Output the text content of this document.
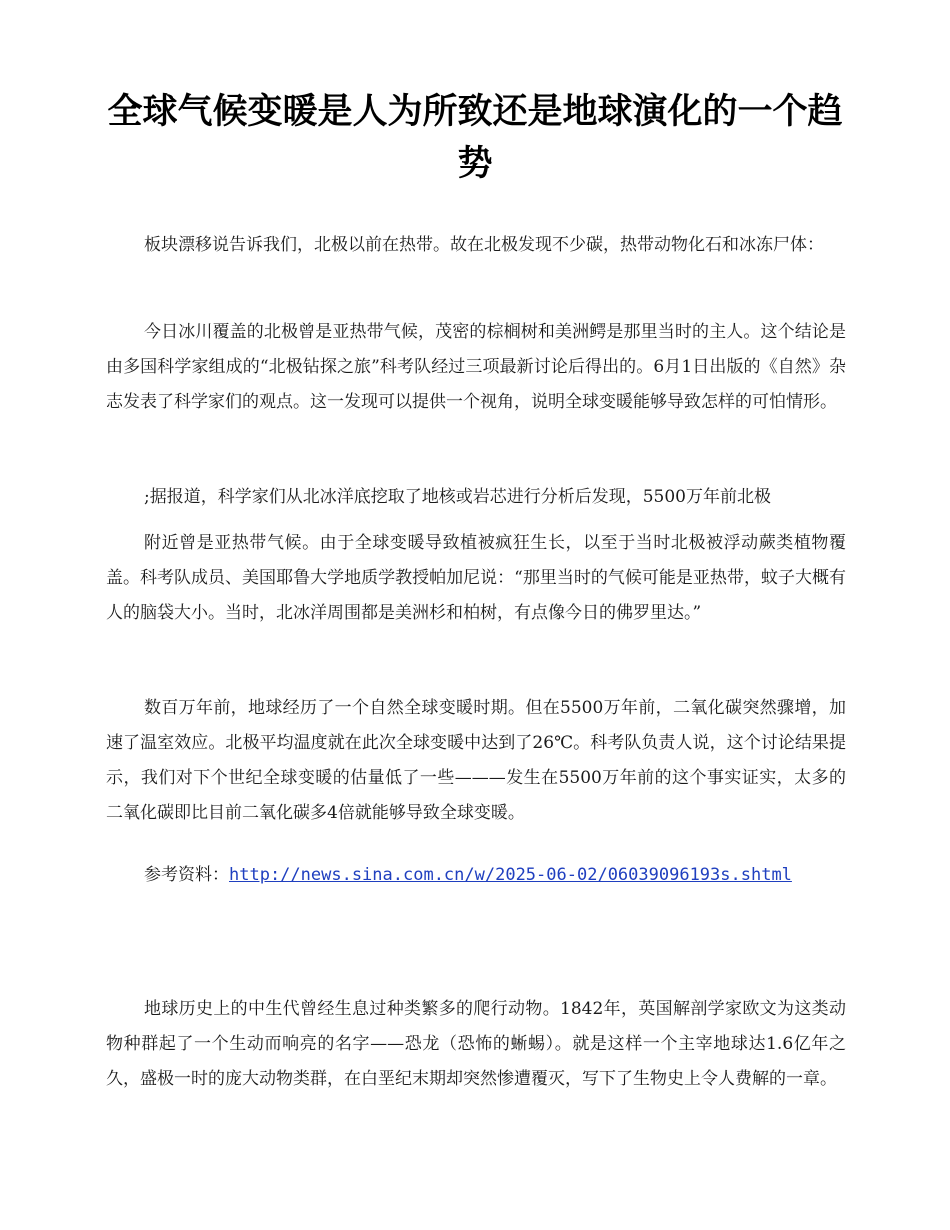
全球气候变暖是人为所致还是地球演化的一个趋势

板块漂移说告诉我们，北极以前在热带。故在北极发现不少碳，热带动物化石和冰冻尸体：

今日冰川覆盖的北极曾是亚热带气候，茂密的棕榈树和美洲鳄是那里当时的主人。这个结论是由多国科学家组成的“北极钻探之旅”科考队经过三项最新讨论后得出的。6月1日出版的《自然》杂志发表了科学家们的观点。这一发现可以提供一个视角，说明全球变暖能够导致怎样的可怕情形。

;据报道，科学家们从北冰洋底挖取了地核或岩芯进行分析后发现，5500万年前北极

附近曾是亚热带气候。由于全球变暖导致植被疯狂生长，以至于当时北极被浮动蕨类植物覆盖。科考队成员、美国耶鲁大学地质学教授帕加尼说：“那里当时的气候可能是亚热带，蚊子大概有人的脑袋大小。当时，北冰洋周围都是美洲杉和柏树，有点像今日的佛罗里达。”

数百万年前，地球经历了一个自然全球变暖时期。但在5500万年前，二氧化碳突然骤增，加速了温室效应。北极平均温度就在此次全球变暖中达到了26℃。科考队负责人说，这个讨论结果提示，我们对下个世纪全球变暖的估量低了一些———发生在5500万年前的这个事实证实，太多的二氧化碳即比目前二氧化碳多4倍就能够导致全球变暖。

参考资料：http://news.sina.com.cn/w/2025-06-02/06039096193s.shtml

地球历史上的中生代曾经生息过种类繁多的爬行动物。1842年，英国解剖学家欧文为这类动物种群起了一个生动而响亮的名字——恐龙（恐怖的蜥蜴）。就是这样一个主宰地球达1.6亿年之久，盛极一时的庞大动物类群，在白垩纪末期却突然惨遭覆灭，写下了生物史上令人费解的一章。
